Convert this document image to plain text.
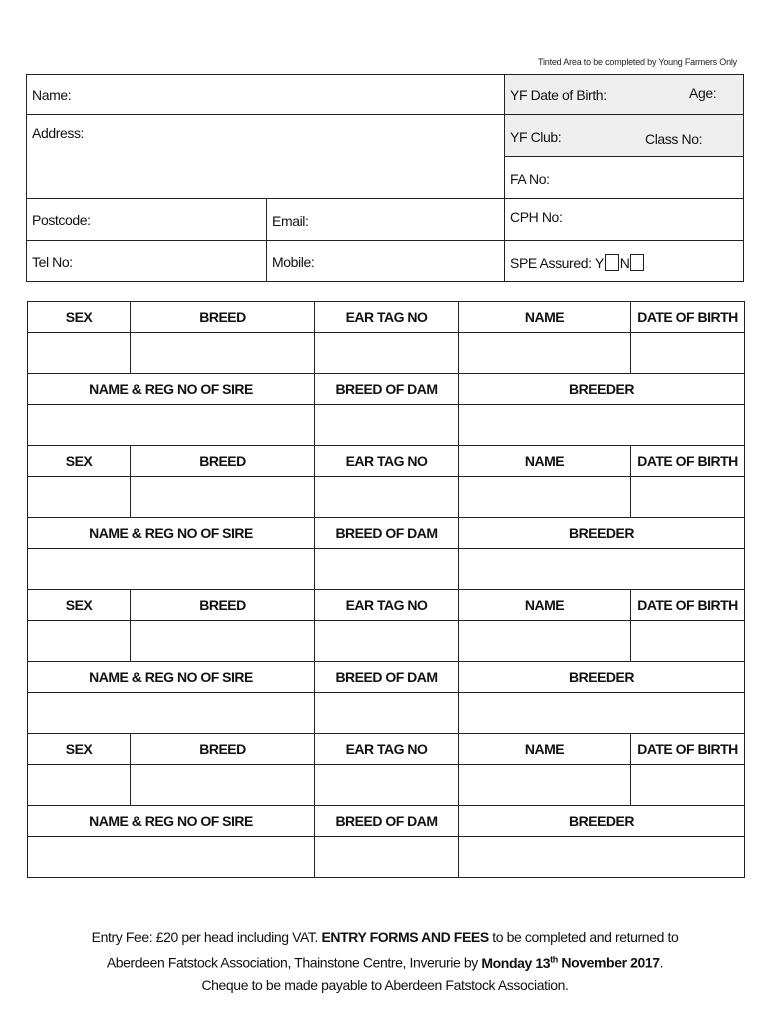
Tinted Area to be completed by Young Farmers Only
Name:
Address:
Postcode:	Email:
Tel No:	Mobile:
YF Date of Birth:	Age:
YF Club:	Class No:
FA No:
CPH No:
SPE Assured: Y N
SEX	BREED	EAR TAG NO	NAME	DATE OF BIRTH

NAME & REG NO OF SIRE		BREED OF DAM	BREEDER	

SEX	BREED	EAR TAG NO	NAME	DATE OF BIRTH

NAME & REG NO OF SIRE		BREED OF DAM	BREEDER	

SEX	BREED	EAR TAG NO	NAME	DATE OF BIRTH

NAME & REG NO OF SIRE		BREED OF DAM	BREEDER	

SEX	BREED	EAR TAG NO	NAME	DATE OF BIRTH

NAME & REG NO OF SIRE		BREED OF DAM	BREEDER	

Entry Fee: £20 per head including VAT. ENTRY FORMS AND FEES to be completed and returned to
Aberdeen Fatstock Association, Thainstone Centre, Inverurie by Monday 13th November 2017.
Cheque to be made payable to Aberdeen Fatstock Association.
